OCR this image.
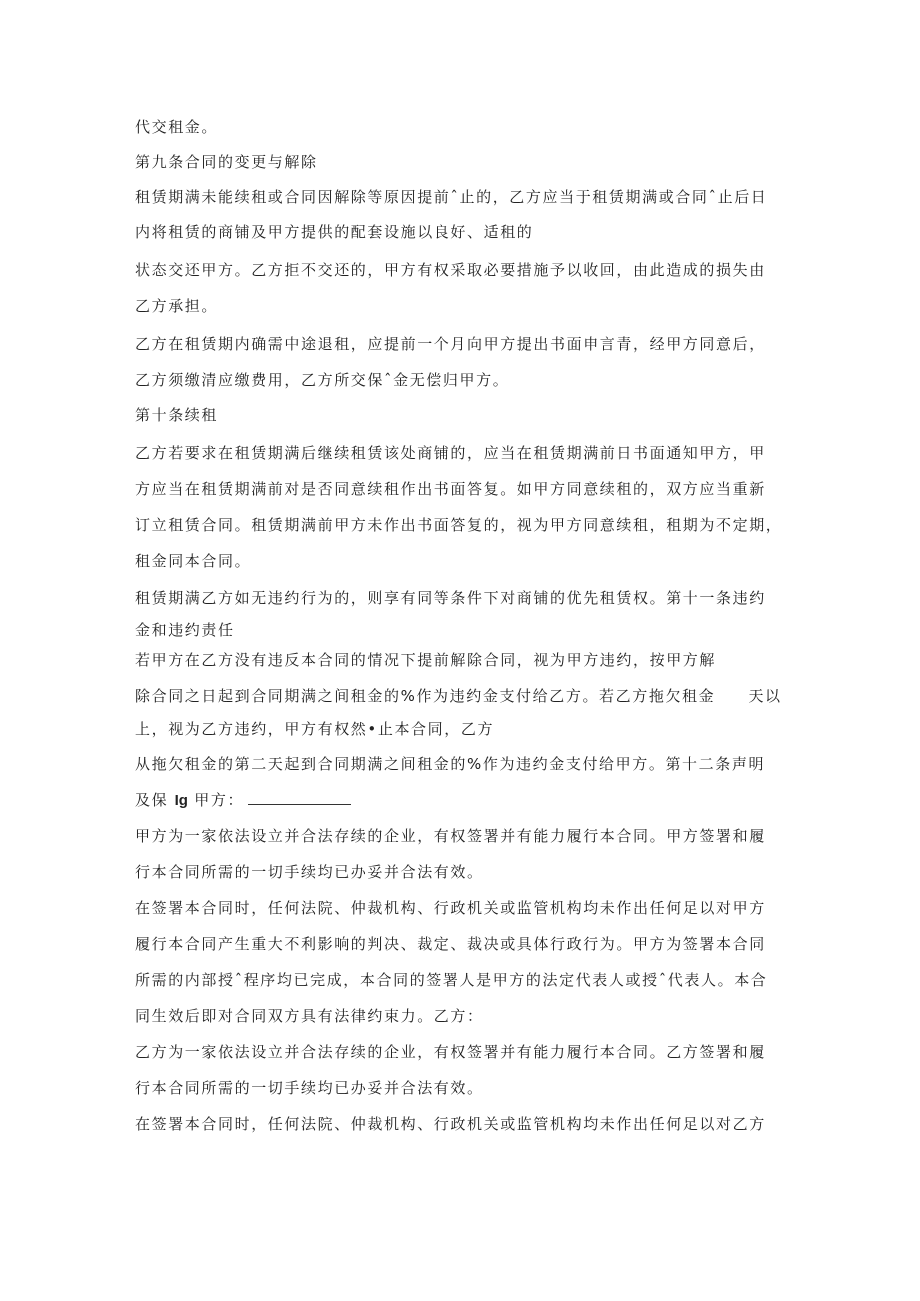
代交租金。
第九条合同的变更与解除
租赁期满未能续租或合同因解除等原因提前ˆ止的，乙方应当于租赁期满或合同ˆ止后日
内将租赁的商铺及甲方提供的配套设施以良好、适租的
状态交还甲方。乙方拒不交还的，甲方有权采取必要措施予以收回，由此造成的损失由
乙方承担。
乙方在租赁期内确需中途退租，应提前一个月向甲方提出书面申言青，经甲方同意后，
乙方须缴清应缴费用，乙方所交保ˆ金无偿归甲方。
第十条续租
乙方若要求在租赁期满后继续租赁该处商铺的，应当在租赁期满前日书面通知甲方，甲
方应当在租赁期满前对是否同意续租作出书面答复。如甲方同意续租的，双方应当重新
订立租赁合同。租赁期满前甲方未作出书面答复的，视为甲方同意续租，租期为不定期，
租金同本合同。
租赁期满乙方如无违约行为的，则享有同等条件下对商铺的优先租赁权。第十一条违约
金和违约责任
若甲方在乙方没有违反本合同的情况下提前解除合同，视为甲方违约，按甲方解
除合同之日起到合同期满之间租金的%作为违约金支付给乙方。若乙方拖欠租金　　天以
上，视为乙方违约，甲方有权然•止本合同，乙方
从拖欠租金的第二天起到合同期满之间租金的%作为违约金支付给甲方。第十二条声明
及保 Ig 甲方：
甲方为一家依法设立并合法存续的企业，有权签署并有能力履行本合同。甲方签署和履
行本合同所需的一切手续均已办妥并合法有效。
在签署本合同时，任何法院、仲裁机构、行政机关或监管机构均未作出任何足以对甲方
履行本合同产生重大不利影响的判决、裁定、裁决或具体行政行为。甲方为签署本合同
所需的内部授ˆ程序均已完成，本合同的签署人是甲方的法定代表人或授ˆ代表人。本合
同生效后即对合同双方具有法律约束力。乙方：
乙方为一家依法设立并合法存续的企业，有权签署并有能力履行本合同。乙方签署和履
行本合同所需的一切手续均已办妥并合法有效。
在签署本合同时，任何法院、仲裁机构、行政机关或监管机构均未作出任何足以对乙方
